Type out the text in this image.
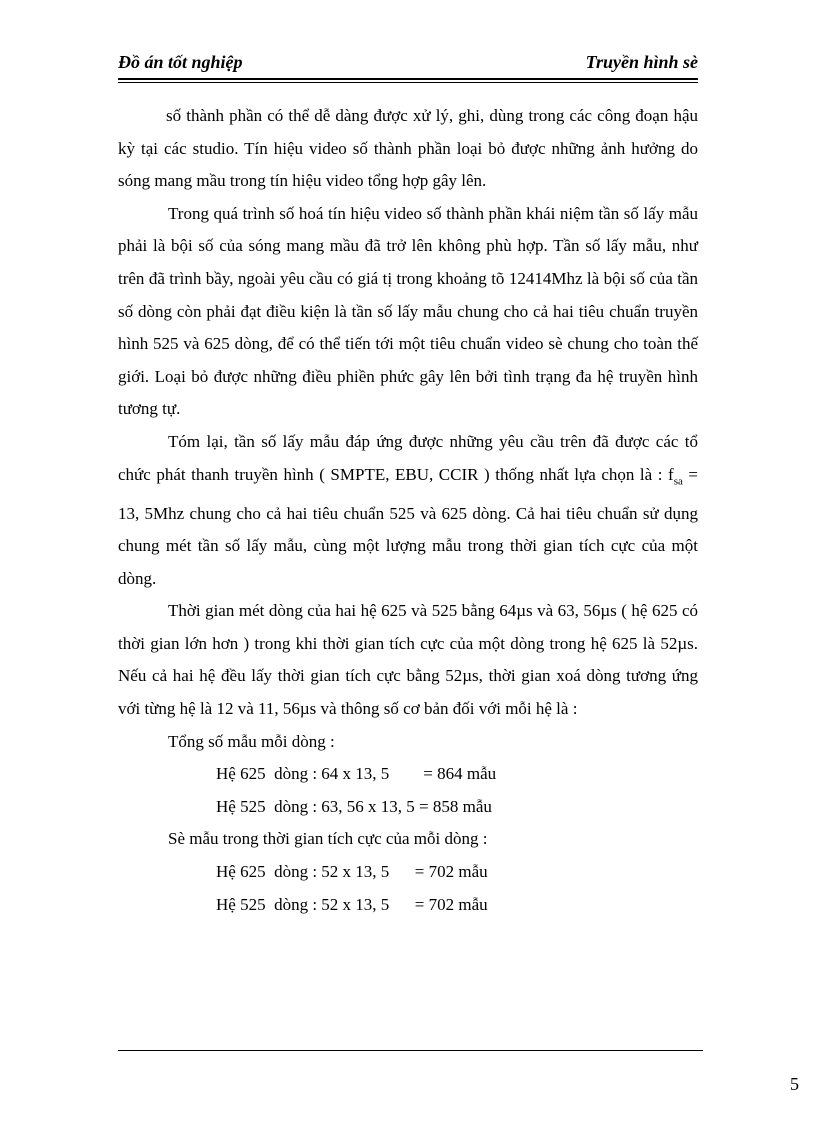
Đồ án tốt nghiệp	Truyền hình sè

số thành phần có thể dễ dàng được xử lý, ghi, dùng trong các công đoạn hậu kỳ tại các studio. Tín hiệu video số thành phần loại bỏ được những ảnh hưởng do sóng mang mầu trong tín hiệu video tổng hợp gây lên.

Trong quá trình số hoá tín hiệu video số thành phần khái niệm tần số lấy mẫu phải là bội số của sóng mang mầu đã trở lên không phù hợp. Tần số lấy mẫu, như trên đã trình bầy, ngoài yêu cầu có giá tị trong khoảng tõ 12414Mhz là bội số của tần số dòng còn phải đạt điều kiện là tần số lấy mẫu chung cho cả hai tiêu chuẩn truyền hình 525 và 625 dòng, để có thể tiến tới một tiêu chuẩn video sè chung cho toàn thế giới. Loại bỏ được những điều phiền phức gây lên bởi tình trạng đa hệ truyền hình tương tự.

Tóm lại, tần số lấy mẫu đáp ứng được những yêu cầu trên đã được các tổ chức phát thanh truyền hình ( SMPTE, EBU, CCIR ) thống nhất lựa chọn là : $f_{sa} = 13$, 5Mhz chung cho cả hai tiêu chuẩn 525 và 625 dòng. Cả hai tiêu chuẩn sử dụng chung mét tần số lấy mẫu, cùng một lượng mẫu trong thời gian tích cực của một dòng.

Thời gian mét dòng của hai hệ 625 và 525 bằng 64µs và 63, 56µs ( hệ 625 có thời gian lớn hơn ) trong khi thời gian tích cực của một dòng trong hệ 625 là 52µs. Nếu cả hai hệ đều lấy thời gian tích cực bằng 52µs, thời gian xoá dòng tương ứng với từng hệ là 12 và 11, 56µs và thông số cơ bản đối với mỗi hệ là :

Tổng số mẫu mỗi dòng :
Hệ 625  dòng : 64 x 13, 5        = 864 mẫu
Hệ 525  dòng : 63, 56 x 13, 5 = 858 mẫu
Sè mẫu trong thời gian tích cực của mỗi dòng :
Hệ 625  dòng : 52 x 13, 5      = 702 mẫu
Hệ 525  dòng : 52 x 13, 5      = 702 mẫu
5
